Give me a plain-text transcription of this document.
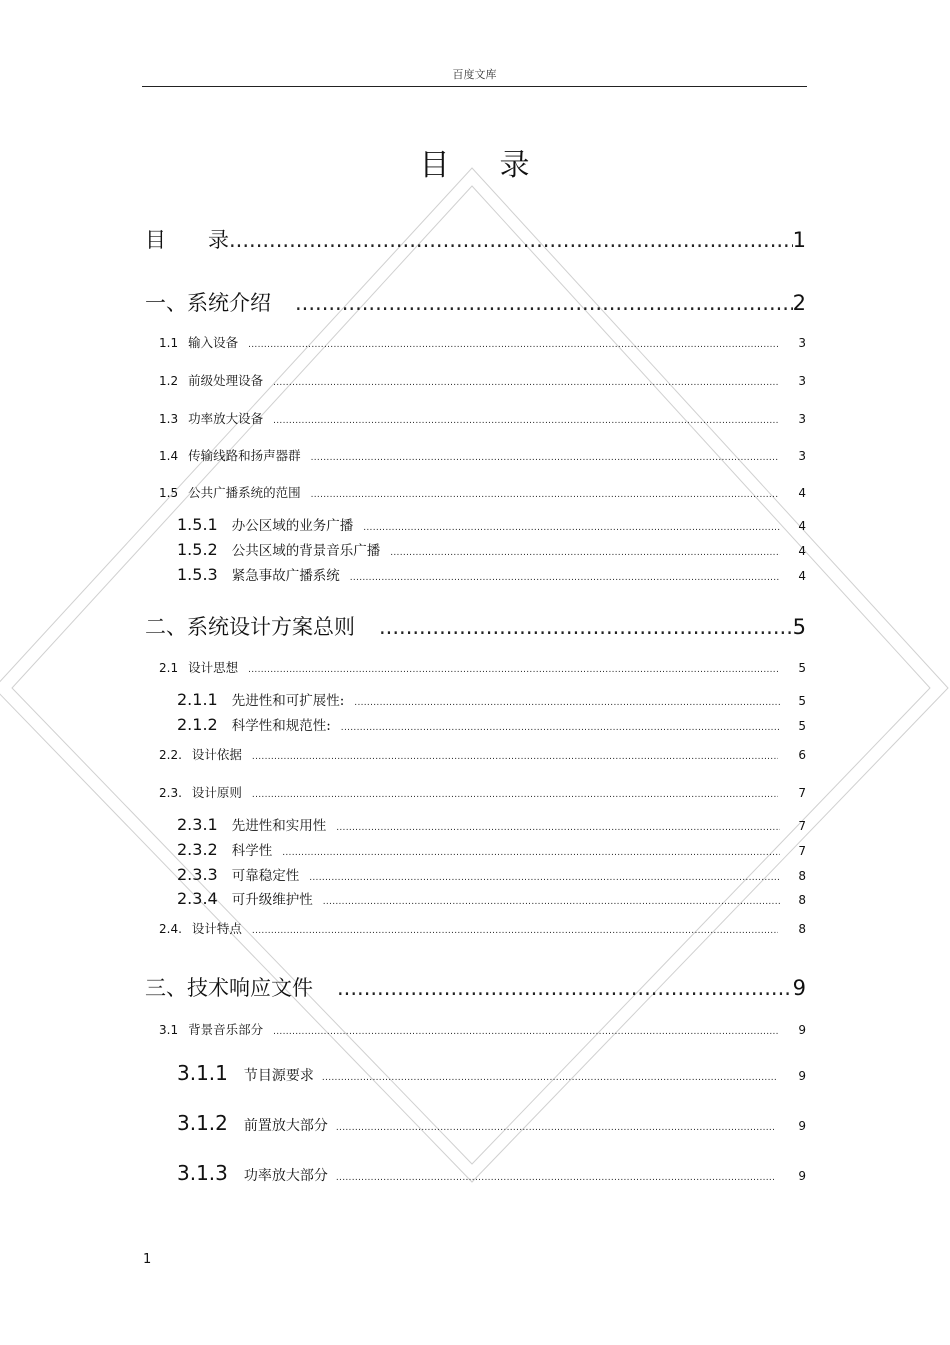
百度文库
目录
目　　录 .....	1
一、系统介绍 .....	2
1.1 输入设备 .....	3
1.2 前级处理设备 .....	3
1.3 功率放大设备 .....	3
1.4 传输线路和扬声器群 .....	3
1.5 公共广播系统的范围 .....	4
1.5.1 办公区域的业务广播 .....	4
1.5.2 公共区域的背景音乐广播 .....	4
1.5.3 紧急事故广播系统 .....	4
二、系统设计方案总则 .....	5
2.1 设计思想 .....	5
2.1.1 先进性和可扩展性: .....	5
2.1.2 科学性和规范性: .....	5
2.2. 设计依据 .....	6
2.3. 设计原则 .....	7
2.3.1 先进性和实用性 .....	7
2.3.2 科学性 .....	7
2.3.3 可靠稳定性 .....	8
2.3.4 可升级维护性 .....	8
2.4. 设计特点 .....	8
三、技术响应文件 .....	9
3.1 背景音乐部分 .....	9
3.1.1 节目源要求 .....	9
3.1.2 前置放大部分 .....	9
3.1.3 功率放大部分 .....	9
1
